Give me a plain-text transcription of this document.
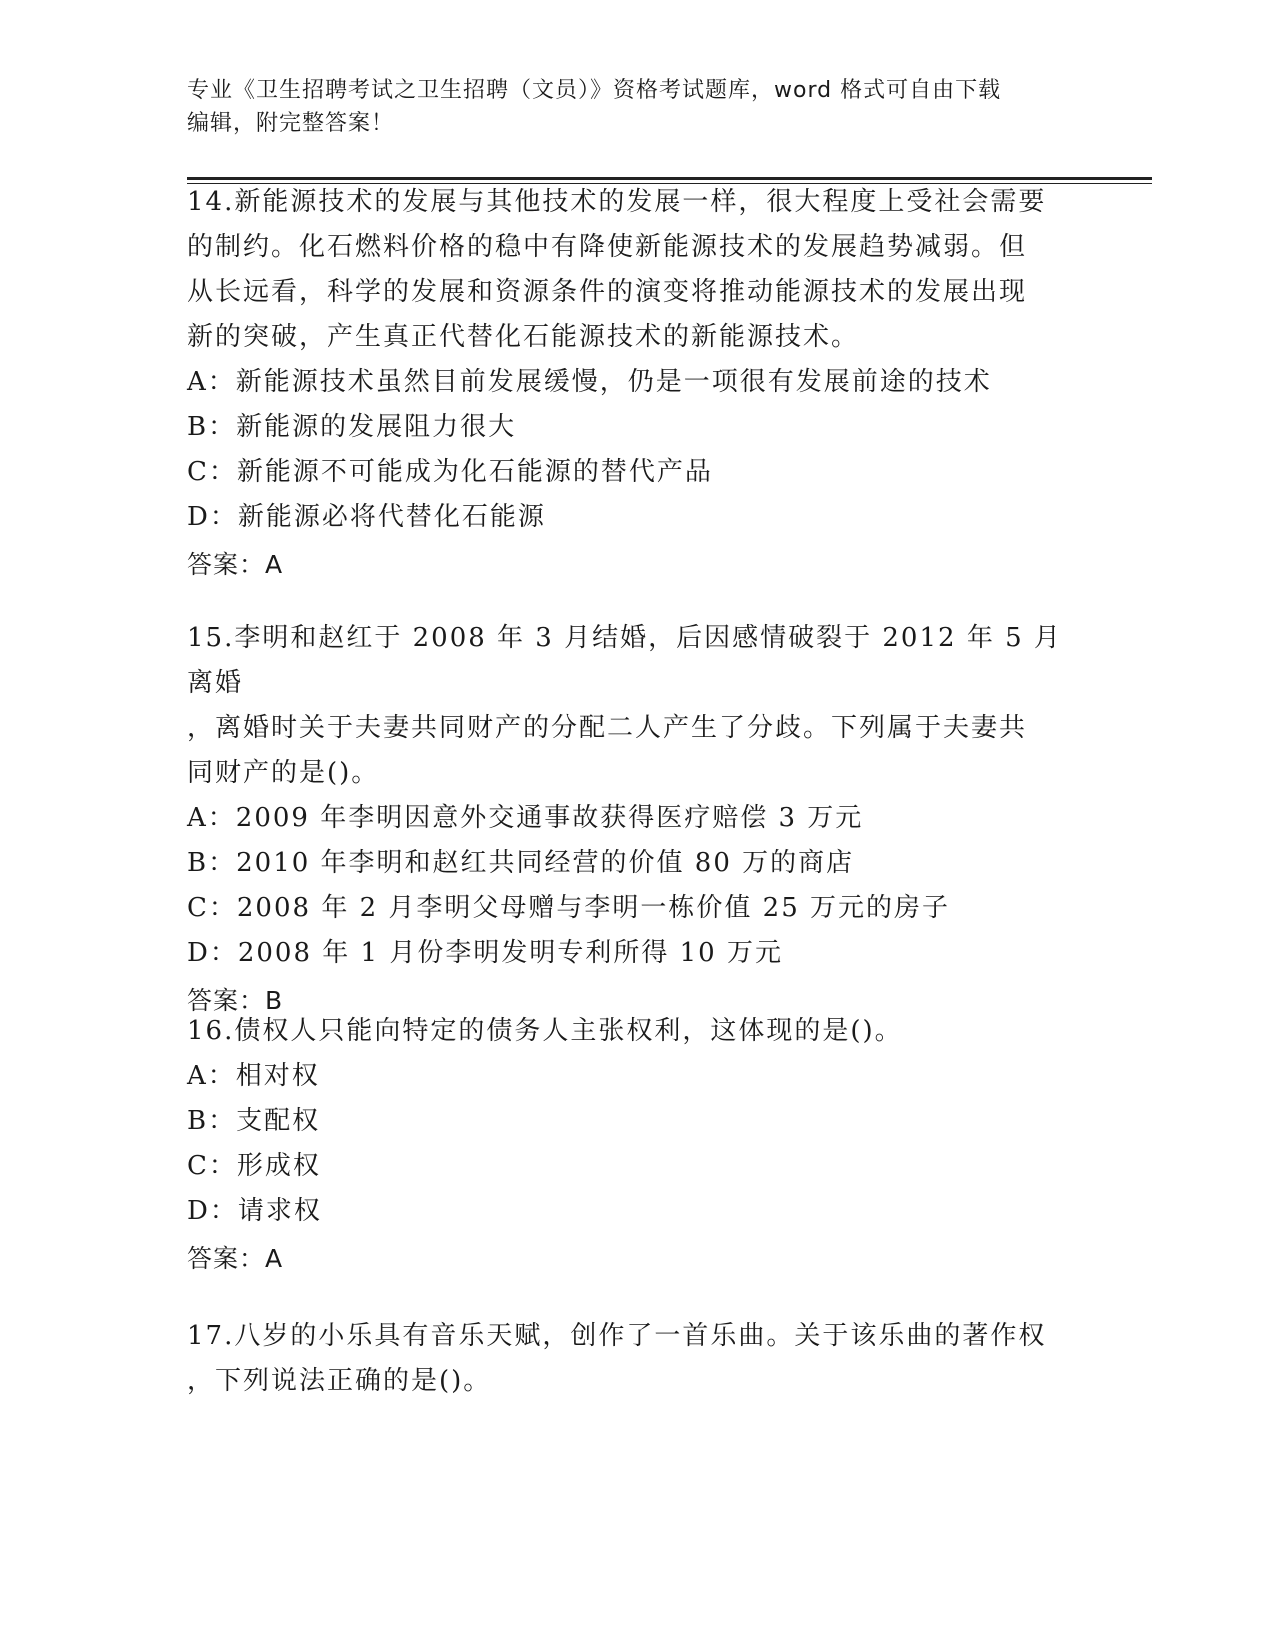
专业《卫生招聘考试之卫生招聘（文员）》资格考试题库，word 格式可自由下载
编辑，附完整答案！
14.新能源技术的发展与其他技术的发展一样，很大程度上受社会需要
的制约。化石燃料价格的稳中有降使新能源技术的发展趋势减弱。但
从长远看，科学的发展和资源条件的演变将推动能源技术的发展出现
新的突破，产生真正代替化石能源技术的新能源技术。
A：新能源技术虽然目前发展缓慢，仍是一项很有发展前途的技术
B：新能源的发展阻力很大
C：新能源不可能成为化石能源的替代产品
D：新能源必将代替化石能源
答案：A
15.李明和赵红于 2008 年 3 月结婚，后因感情破裂于 2012 年 5 月离婚
，离婚时关于夫妻共同财产的分配二人产生了分歧。下列属于夫妻共
同财产的是()。
A：2009 年李明因意外交通事故获得医疗赔偿 3 万元
B：2010 年李明和赵红共同经营的价值 80 万的商店
C：2008 年 2 月李明父母赠与李明一栋价值 25 万元的房子
D：2008 年 1 月份李明发明专利所得 10 万元
答案：B
16.债权人只能向特定的债务人主张权利，这体现的是()。
A：相对权
B：支配权
C：形成权
D：请求权
答案：A
17.八岁的小乐具有音乐天赋，创作了一首乐曲。关于该乐曲的著作权
，下列说法正确的是()。
